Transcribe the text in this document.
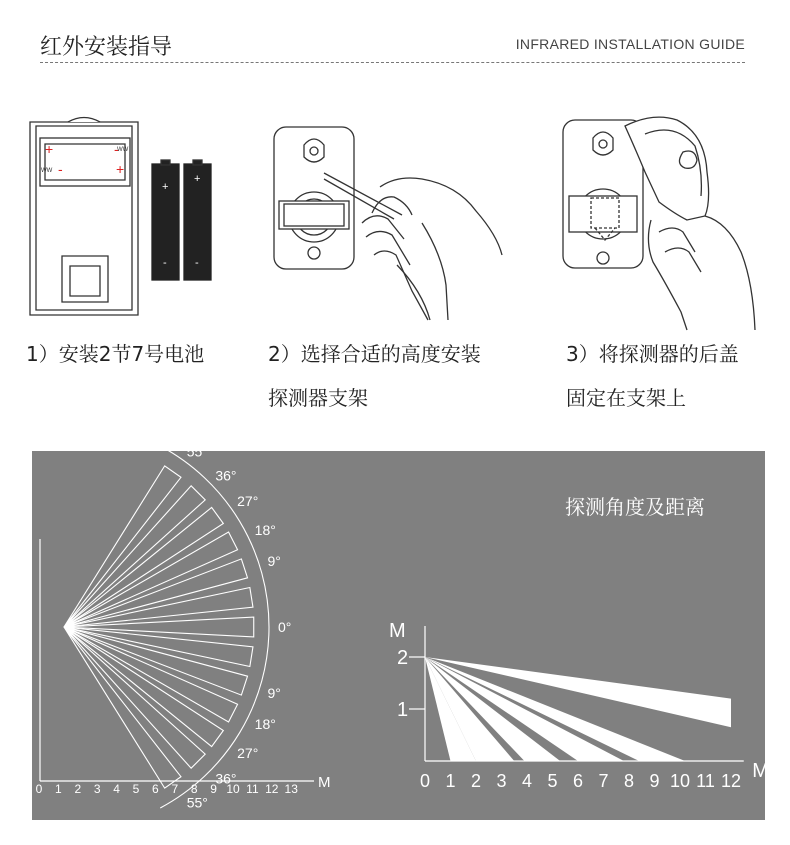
红外安装指导	INFRARED INSTALLATION GUIDE
+	-
-	+
WW
WW
+
+
-	-
1）安装2节7号电池	2）选择合适的高度安装
探测器支架
3）将探测器的后盖
固定在支架上
探测角度及距离
0 1 2 3 4 5 6 7 8 9 10 11 12 13 M
55°
36°
27°
18°
9°
0°
9°
18°
27°
36°
55°
0 1 2 3 4 5 6 7 8 9 10 11 12 M
M
1
2
